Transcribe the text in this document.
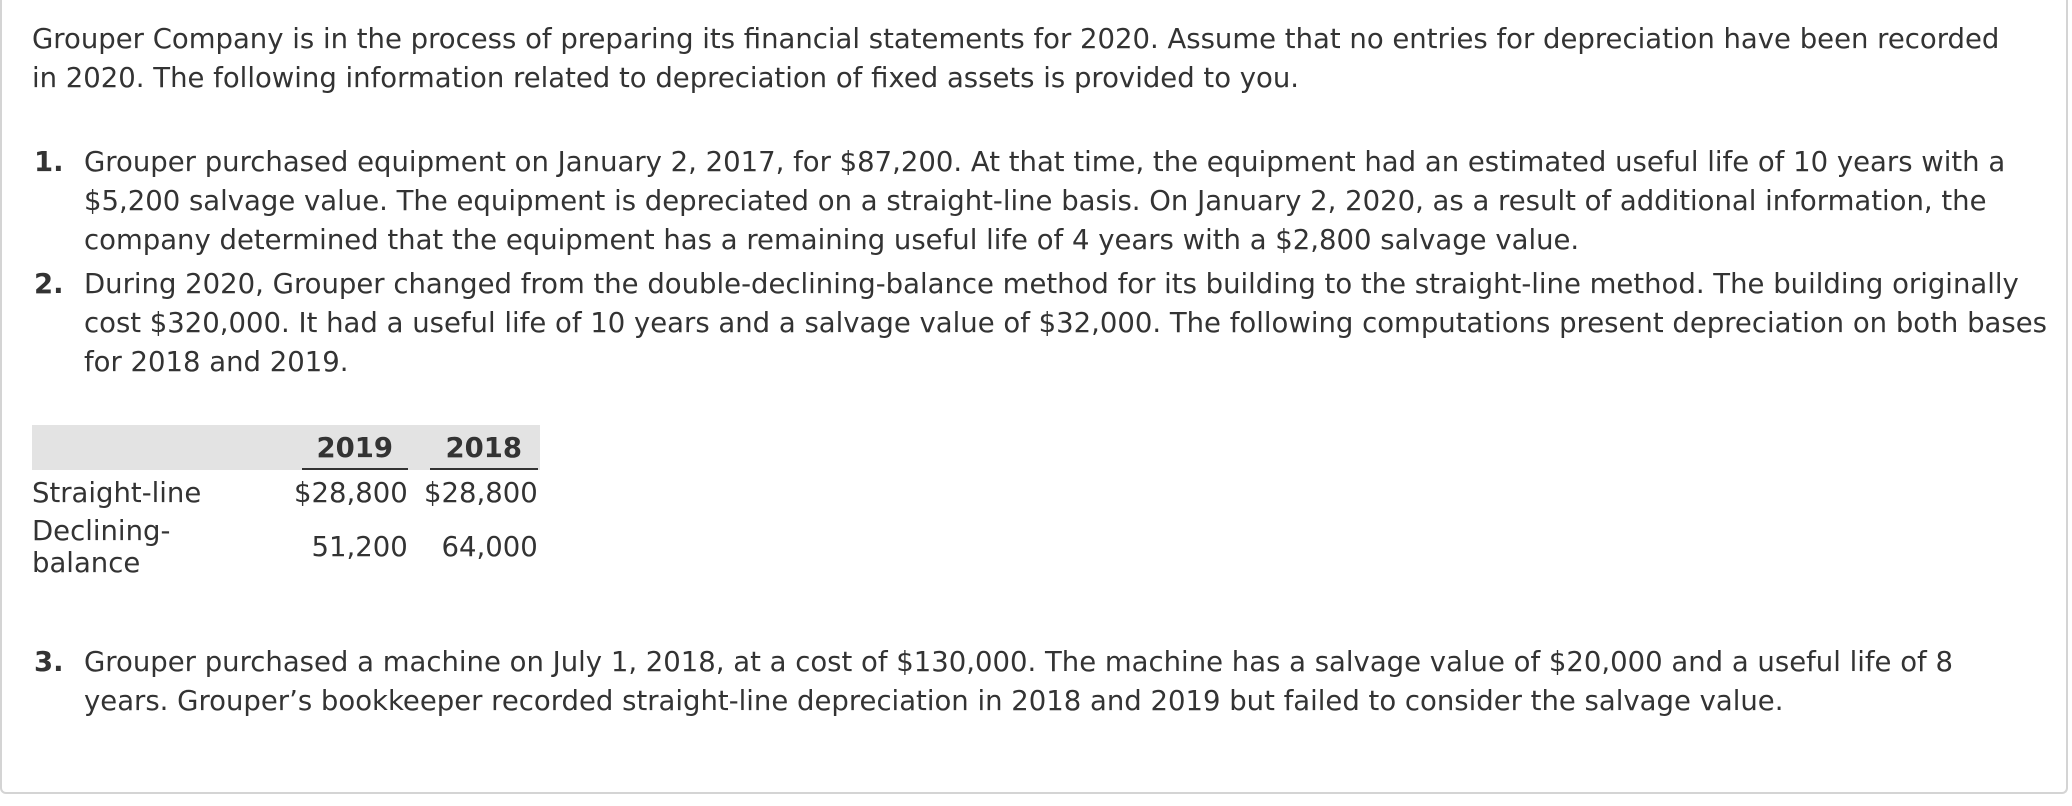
Grouper Company is in the process of preparing its financial statements for 2020. Assume that no entries for depreciation have been recorded in 2020. The following information related to depreciation of fixed assets is provided to you.

1. Grouper purchased equipment on January 2, 2017, for $87,200. At that time, the equipment had an estimated useful life of 10 years with a $5,200 salvage value. The equipment is depreciated on a straight-line basis. On January 2, 2020, as a result of additional information, the company determined that the equipment has a remaining useful life of 4 years with a $2,800 salvage value.
2. During 2020, Grouper changed from the double-declining-balance method for its building to the straight-line method. The building originally cost $320,000. It had a useful life of 10 years and a salvage value of $32,000. The following computations present depreciation on both bases for 2018 and 2019.
	2019	2018
Straight-line	$28,800	$28,800
Declining-balance	51,200	64,000
3. Grouper purchased a machine on July 1, 2018, at a cost of $130,000. The machine has a salvage value of $20,000 and a useful life of 8 years. Grouper’s bookkeeper recorded straight-line depreciation in 2018 and 2019 but failed to consider the salvage value.
